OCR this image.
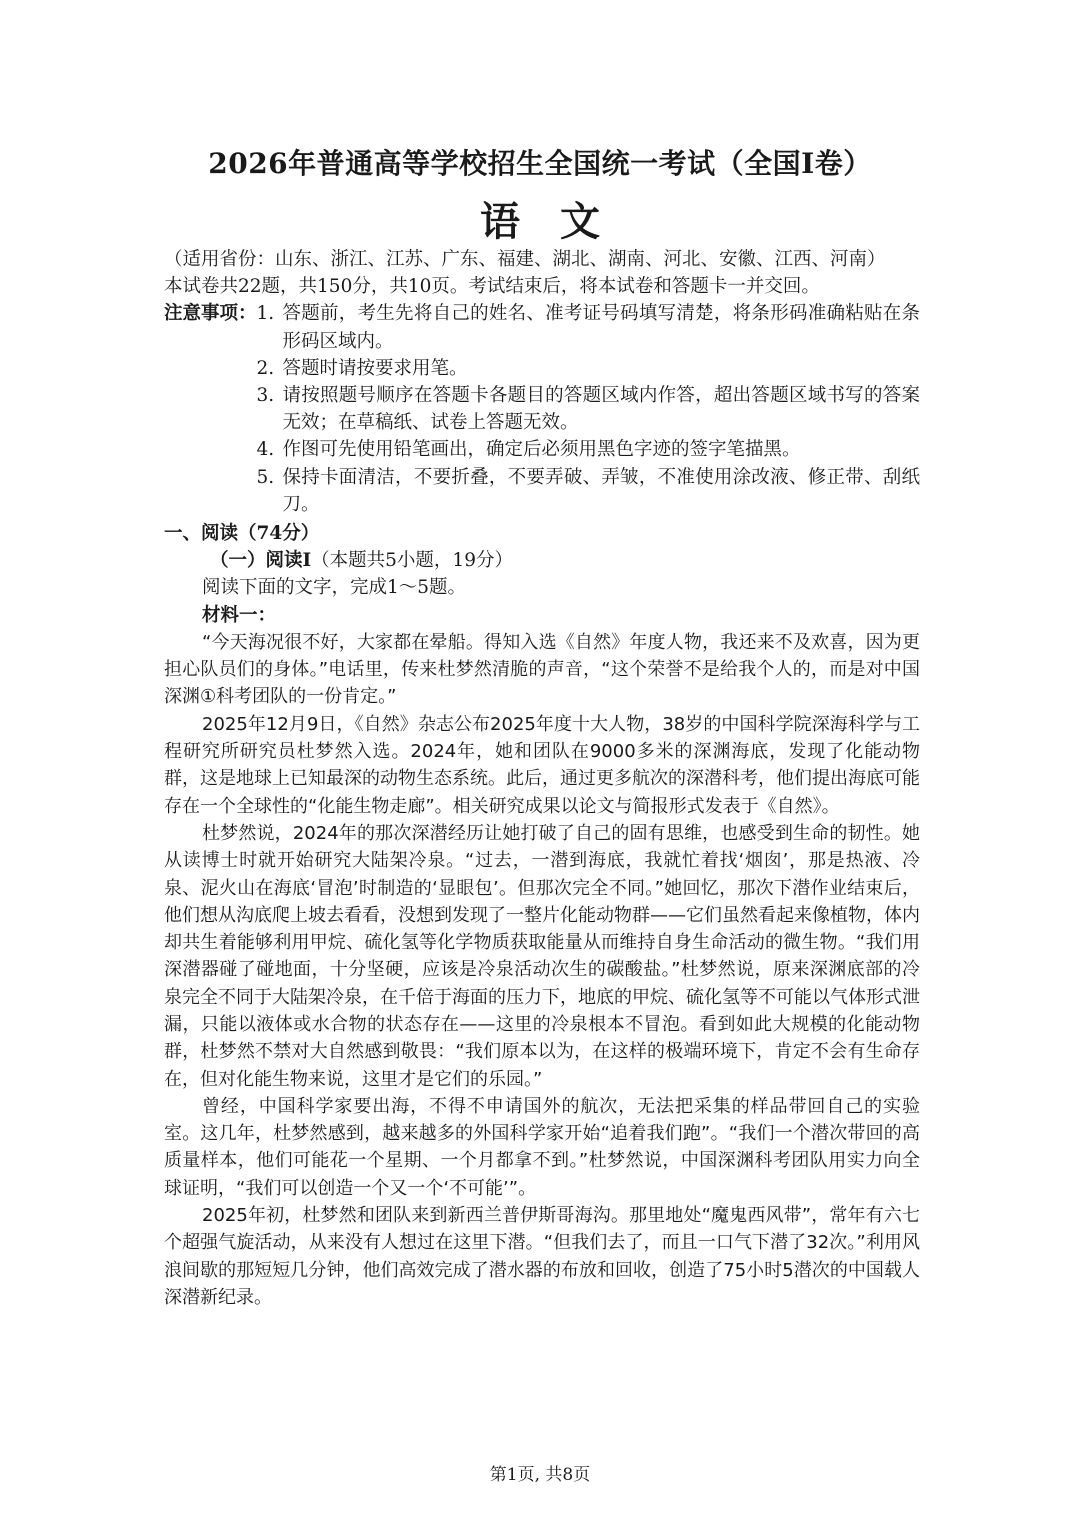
2026年普通高等学校招生全国统一考试（全国Ⅰ卷）
语文
（适用省份：山东、浙江、江苏、广东、福建、湖北、湖南、河北、安徽、江西、河南）
本试卷共22题，共150分，共10页。考试结束后，将本试卷和答题卡一并交回。
注意事项： 1. 答题前，考生先将自己的姓名、准考证号码填写清楚，将条形码准确粘贴在条形码区域内。
2. 答题时请按要求用笔。
3. 请按照题号顺序在答题卡各题目的答题区域内作答，超出答题区域书写的答案无效；在草稿纸、试卷上答题无效。
4. 作图可先使用铅笔画出，确定后必须用黑色字迹的签字笔描黑。
5. 保持卡面清洁，不要折叠，不要弄破、弄皱，不准使用涂改液、修正带、刮纸刀。
一、阅读（74分）
（一）阅读Ⅰ（本题共5小题，19分）
阅读下面的文字，完成1～5题。
材料一：

“今天海况很不好，大家都在晕船。得知入选《自然》年度人物，我还来不及欢喜，因为更担心队员们的身体。”电话里，传来杜梦然清脆的声音，“这个荣誉不是给我个人的，而是对中国深渊①科考团队的一份肯定。”

2025年12月9日，《自然》杂志公布2025年度十大人物，38岁的中国科学院深海科学与工程研究所研究员杜梦然入选。2024年，她和团队在9000多米的深渊海底，发现了化能动物群，这是地球上已知最深的动物生态系统。此后，通过更多航次的深潜科考，他们提出海底可能存在一个全球性的“化能生物走廊”。相关研究成果以论文与简报形式发表于《自然》。

杜梦然说，2024年的那次深潜经历让她打破了自己的固有思维，也感受到生命的韧性。她从读博士时就开始研究大陆架冷泉。“过去，一潜到海底，我就忙着找‘烟囱’，那是热液、冷泉、泥火山在海底‘冒泡’时制造的‘显眼包’。但那次完全不同。”她回忆，那次下潜作业结束后，他们想从沟底爬上坡去看看，没想到发现了一整片化能动物群——它们虽然看起来像植物，体内却共生着能够利用甲烷、硫化氢等化学物质获取能量从而维持自身生命活动的微生物。“我们用深潜器碰了碰地面，十分坚硬，应该是冷泉活动次生的碳酸盐。”杜梦然说，原来深渊底部的冷泉完全不同于大陆架冷泉，在千倍于海面的压力下，地底的甲烷、硫化氢等不可能以气体形式泄漏，只能以液体或水合物的状态存在——这里的冷泉根本不冒泡。看到如此大规模的化能动物群，杜梦然不禁对大自然感到敬畏：“我们原本以为，在这样的极端环境下，肯定不会有生命存在，但对化能生物来说，这里才是它们的乐园。”

曾经，中国科学家要出海，不得不申请国外的航次，无法把采集的样品带回自己的实验室。这几年，杜梦然感到，越来越多的外国科学家开始“追着我们跑”。“我们一个潜次带回的高质量样本，他们可能花一个星期、一个月都拿不到。”杜梦然说，中国深渊科考团队用实力向全球证明，“我们可以创造一个又一个‘不可能’”。

2025年初，杜梦然和团队来到新西兰普伊斯哥海沟。那里地处“魔鬼西风带”，常年有六七个超强气旋活动，从来没有人想过在这里下潜。“但我们去了，而且一口气下潜了32次。”利用风浪间歇的那短短几分钟，他们高效完成了潜水器的布放和回收，创造了75小时5潜次的中国载人深潜新纪录。

第1页, 共8页
